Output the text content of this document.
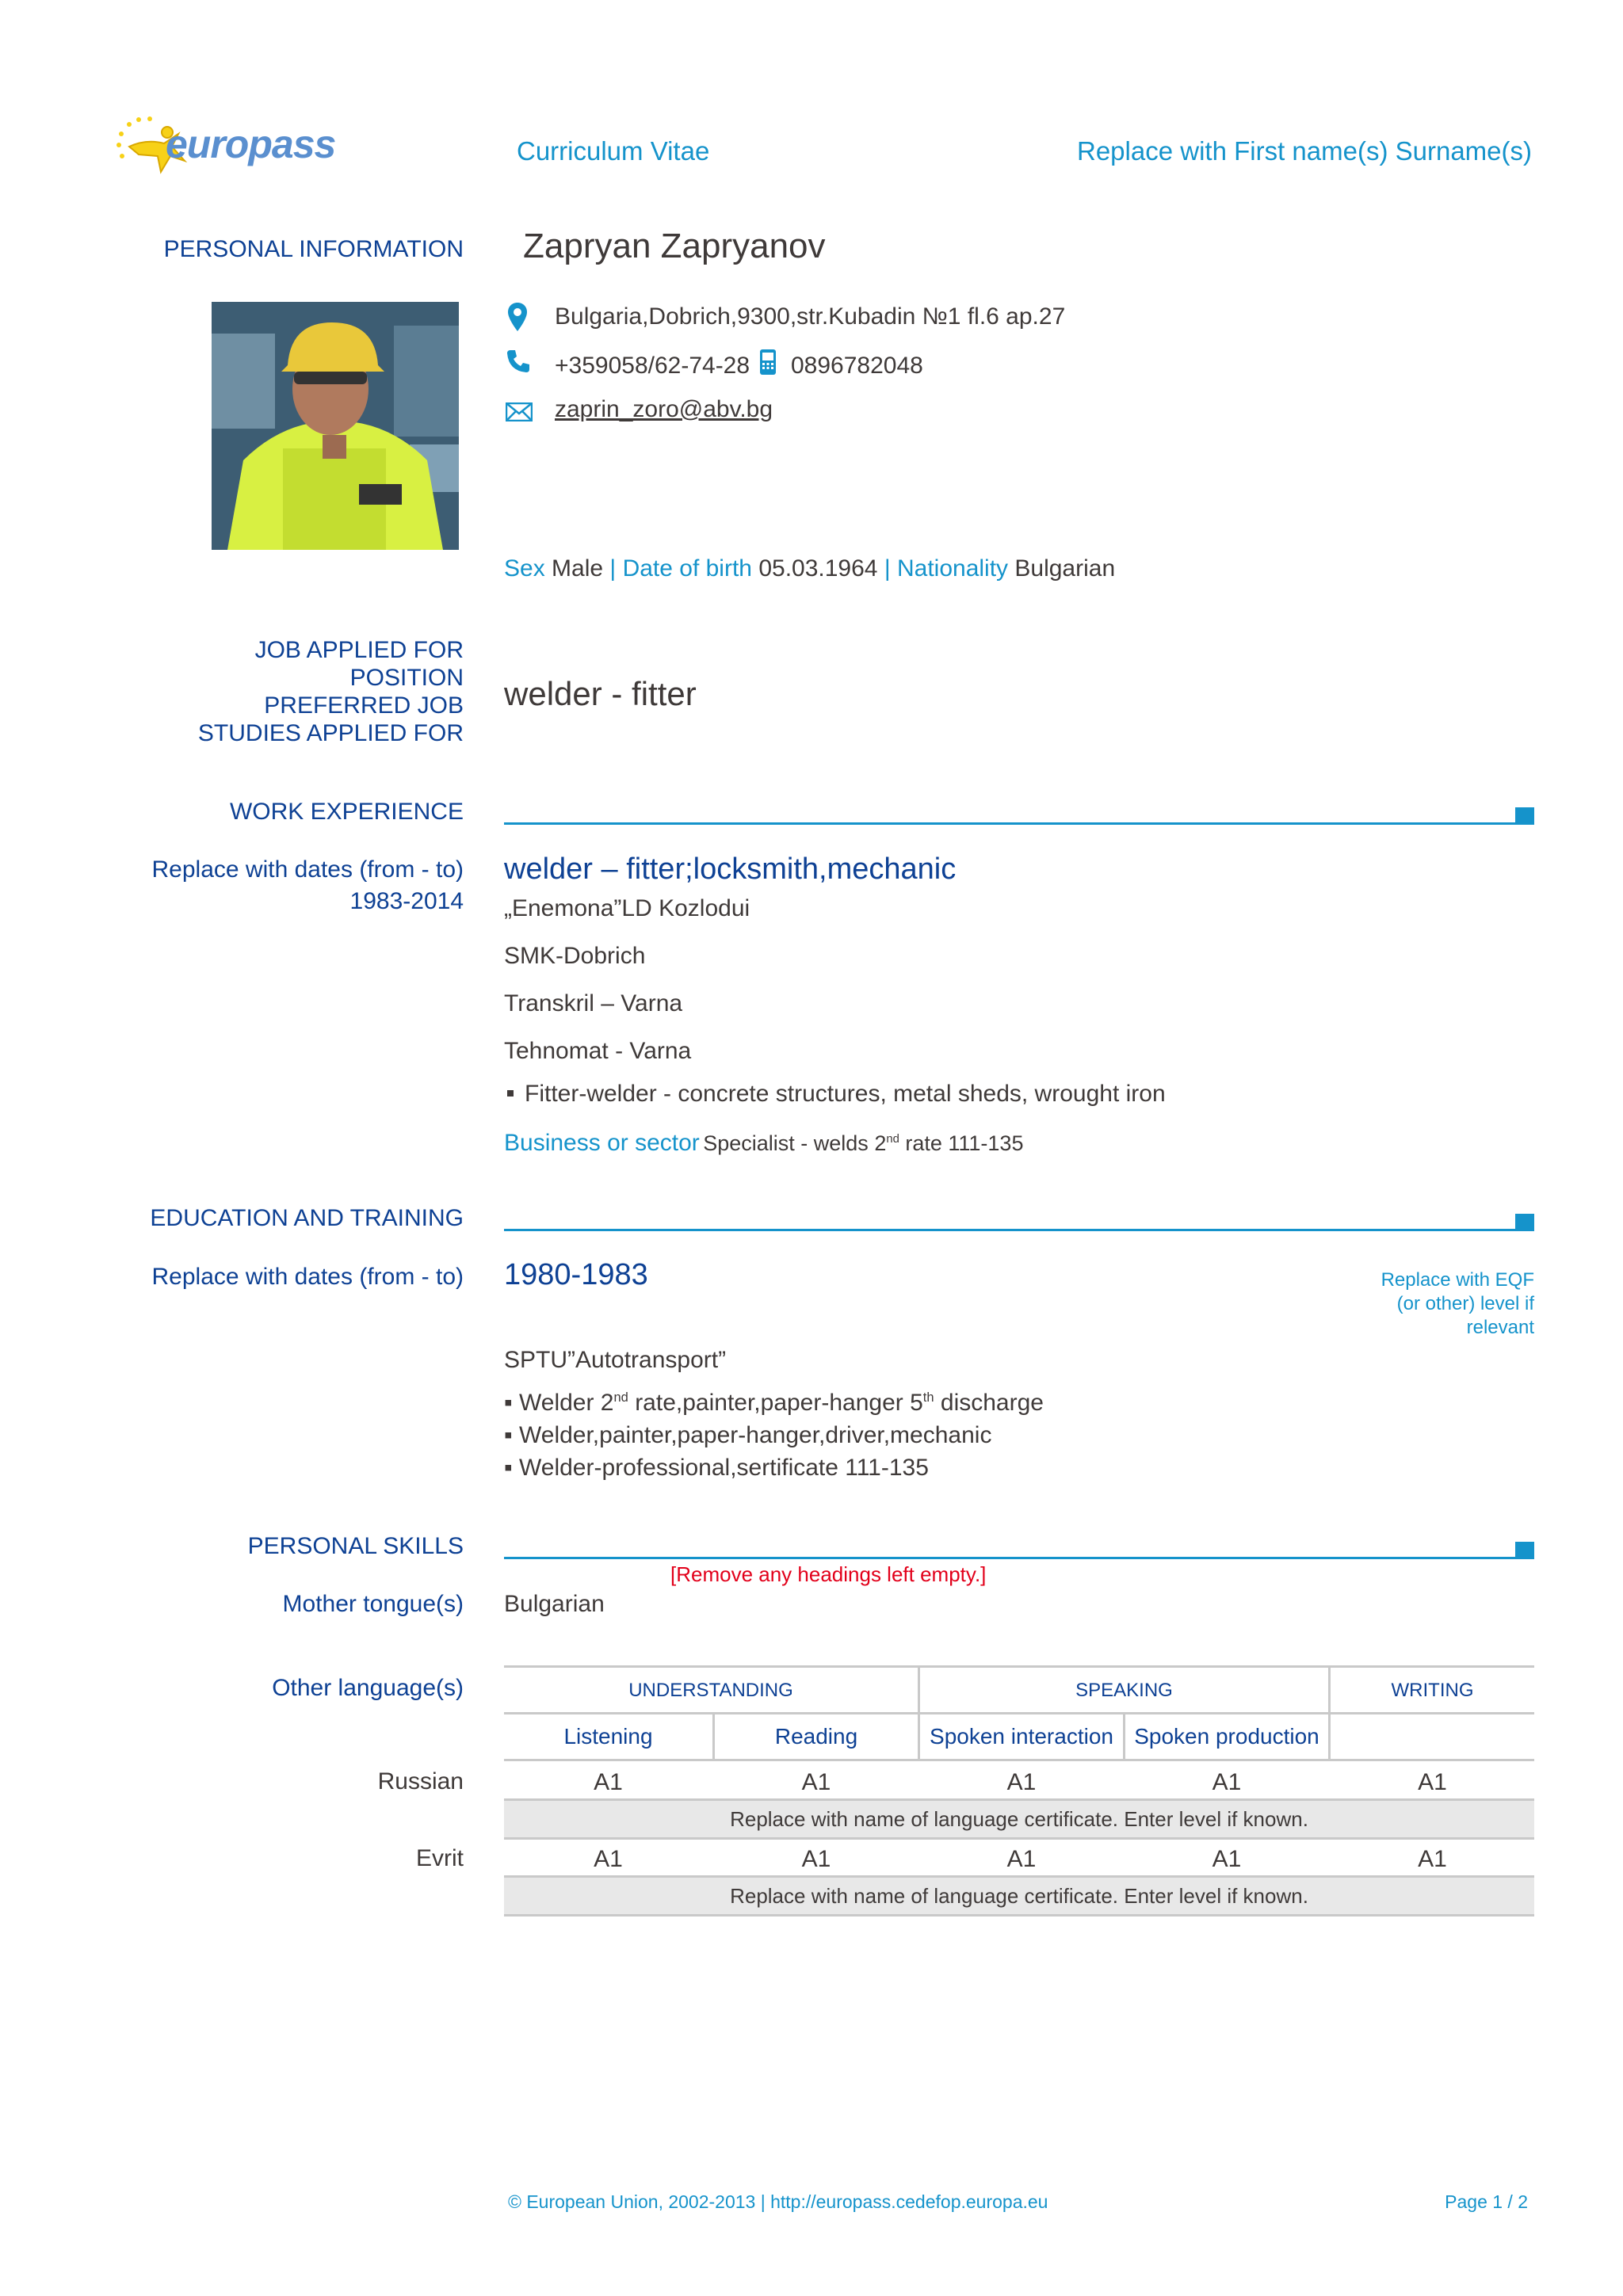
europass	Curriculum Vitae	Replace with First name(s) Surname(s)
PERSONAL INFORMATION Zapryan Zapryanov
Bulgaria,Dobrich,9300,str.Kubadin №1 fl.6 ap.27
+359058/62-74-28 0896782048
zaprin_zoro@abv.bg
Sex Male | Date of birth 05.03.1964 | Nationality Bulgarian
JOB APPLIED FOR
POSITION
PREFERRED JOB
STUDIES APPLIED FOR
welder - fitter
WORK EXPERIENCE
Replace with dates (from - to)
1983-2014
welder – fitter;locksmith,mechanic
„Enemona”LD Kozlodui
SMK-Dobrich
Transkril – Varna
Tehnomat - Varna
Fitter-welder - concrete structures, metal sheds, wrought iron
Business or sector Specialist - welds 2nd rate 111-135
EDUCATION AND TRAINING
Replace with dates (from - to) 1980-1983	Replace with EQF
(or other) level if
relevant
SPTU”Autotransport”
▪ Welder 2nd rate,painter,paper-hanger 5th discharge
▪ Welder,painter,paper-hanger,driver,mechanic
▪ Welder-professional,sertificate 111-135
PERSONAL SKILLS
[Remove any headings left empty.]
Mother tongue(s) Bulgarian
Other language(s)	UNDERSTANDING	SPEAKING	WRITING
Listening	Reading	Spoken interaction Spoken production
Russian	A1	A1	A1	A1	A1
Replace with name of language certificate. Enter level if known.
Evrit	A1	A1	A1	A1	A1
Replace with name of language certificate. Enter level if known.
© European Union, 2002-2013 | http://europass.cedefop.europa.eu	Page 1 / 2
